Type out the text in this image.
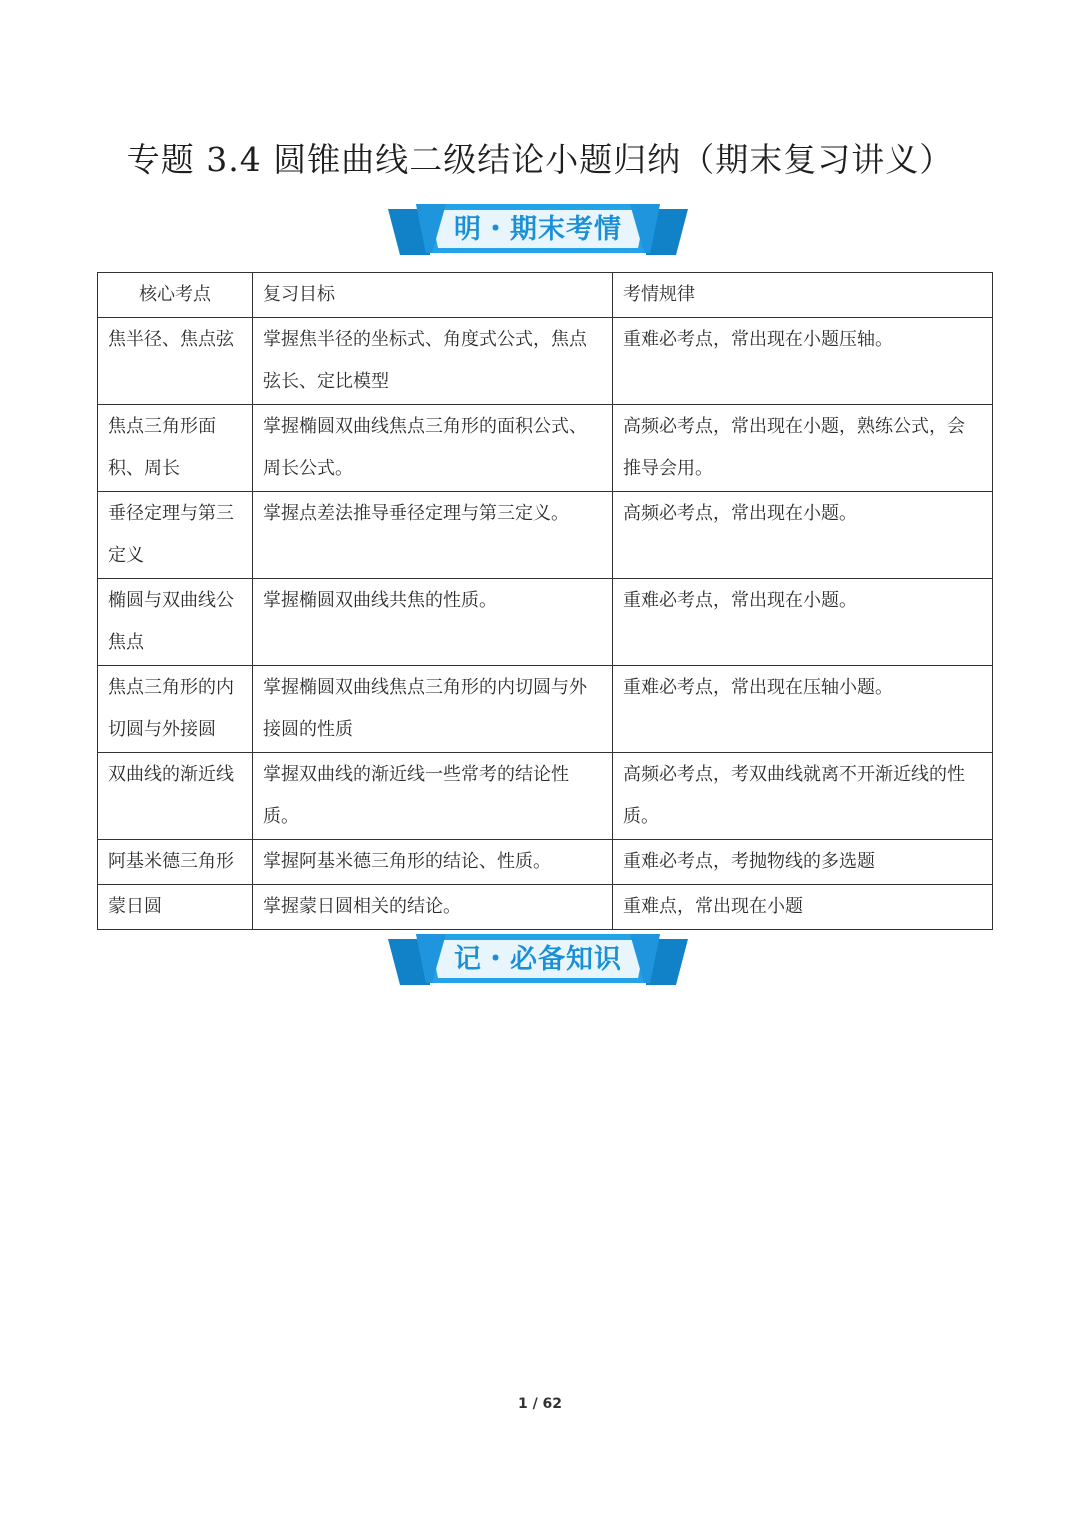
专题 3.4 圆锥曲线二级结论小题归纳（期末复习讲义）
明・期末考情
核心考点	复习目标	考情规律
焦半径、焦点弦	掌握焦半径的坐标式、角度式公式，焦点弦长、定比模型	重难必考点，常出现在小题压轴。
焦点三角形面积、周长	掌握椭圆双曲线焦点三角形的面积公式、周长公式。	高频必考点，常出现在小题，熟练公式，会推导会用。
垂径定理与第三定义	掌握点差法推导垂径定理与第三定义。	高频必考点，常出现在小题。
椭圆与双曲线公焦点	掌握椭圆双曲线共焦的性质。	重难必考点，常出现在小题。
焦点三角形的内切圆与外接圆	掌握椭圆双曲线焦点三角形的内切圆与外接圆的性质	重难必考点，常出现在压轴小题。
双曲线的渐近线	掌握双曲线的渐近线一些常考的结论性质。	高频必考点，考双曲线就离不开渐近线的性质。
阿基米德三角形	掌握阿基米德三角形的结论、性质。	重难必考点，考抛物线的多选题
蒙日圆	掌握蒙日圆相关的结论。	重难点，常出现在小题
记・必备知识
1 / 62
